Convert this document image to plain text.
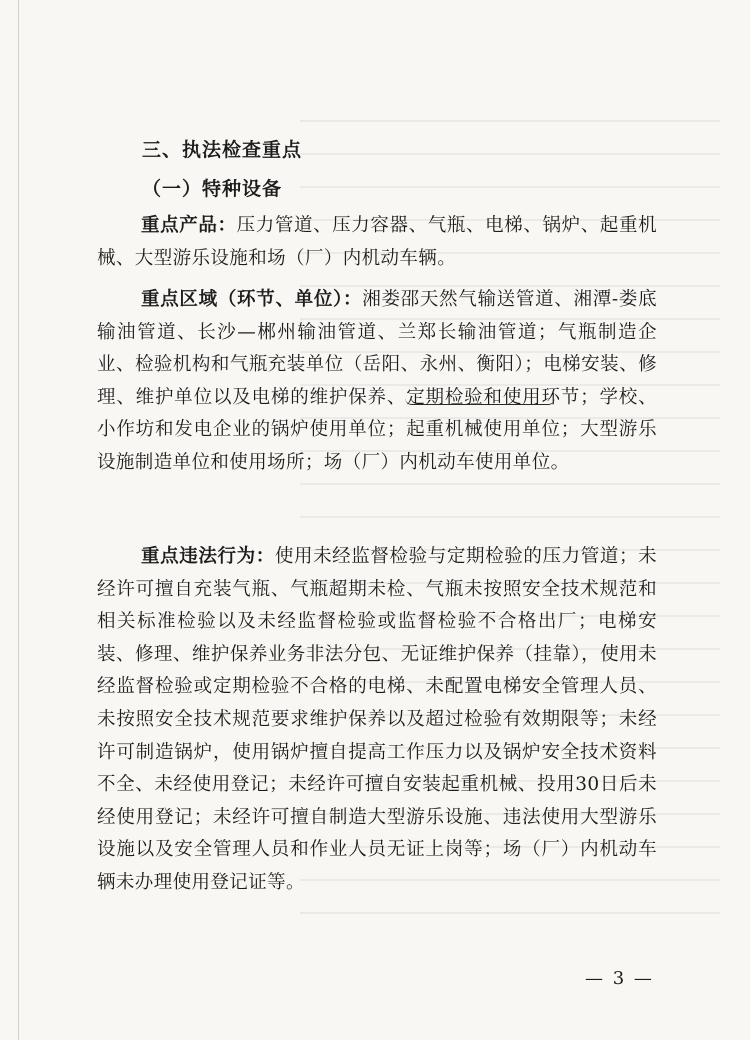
三、执法检查重点
（一）特种设备

重点产品：压力管道、压力容器、气瓶、电梯、锅炉、起重机械、大型游乐设施和场（厂）内机动车辆。

重点区域（环节、单位）：湘娄邵天然气输送管道、湘潭-娄底输油管道、长沙—郴州输油管道、兰郑长输油管道；气瓶制造企业、检验机构和气瓶充装单位（岳阳、永州、衡阳）；电梯安装、修理、维护单位以及电梯的维护保养、定期检验和使用环节；学校、小作坊和发电企业的锅炉使用单位；起重机械使用单位；大型游乐设施制造单位和使用场所；场（厂）内机动车使用单位。

重点违法行为：使用未经监督检验与定期检验的压力管道；未经许可擅自充装气瓶、气瓶超期未检、气瓶未按照安全技术规范和相关标准检验以及未经监督检验或监督检验不合格出厂；电梯安装、修理、维护保养业务非法分包、无证维护保养（挂靠），使用未经监督检验或定期检验不合格的电梯、未配置电梯安全管理人员、未按照安全技术规范要求维护保养以及超过检验有效期限等；未经许可制造锅炉，使用锅炉擅自提高工作压力以及锅炉安全技术资料不全、未经使用登记；未经许可擅自安装起重机械、投用30日后未经使用登记；未经许可擅自制造大型游乐设施、违法使用大型游乐设施以及安全管理人员和作业人员无证上岗等；场（厂）内机动车辆未办理使用登记证等。

— 3 —
